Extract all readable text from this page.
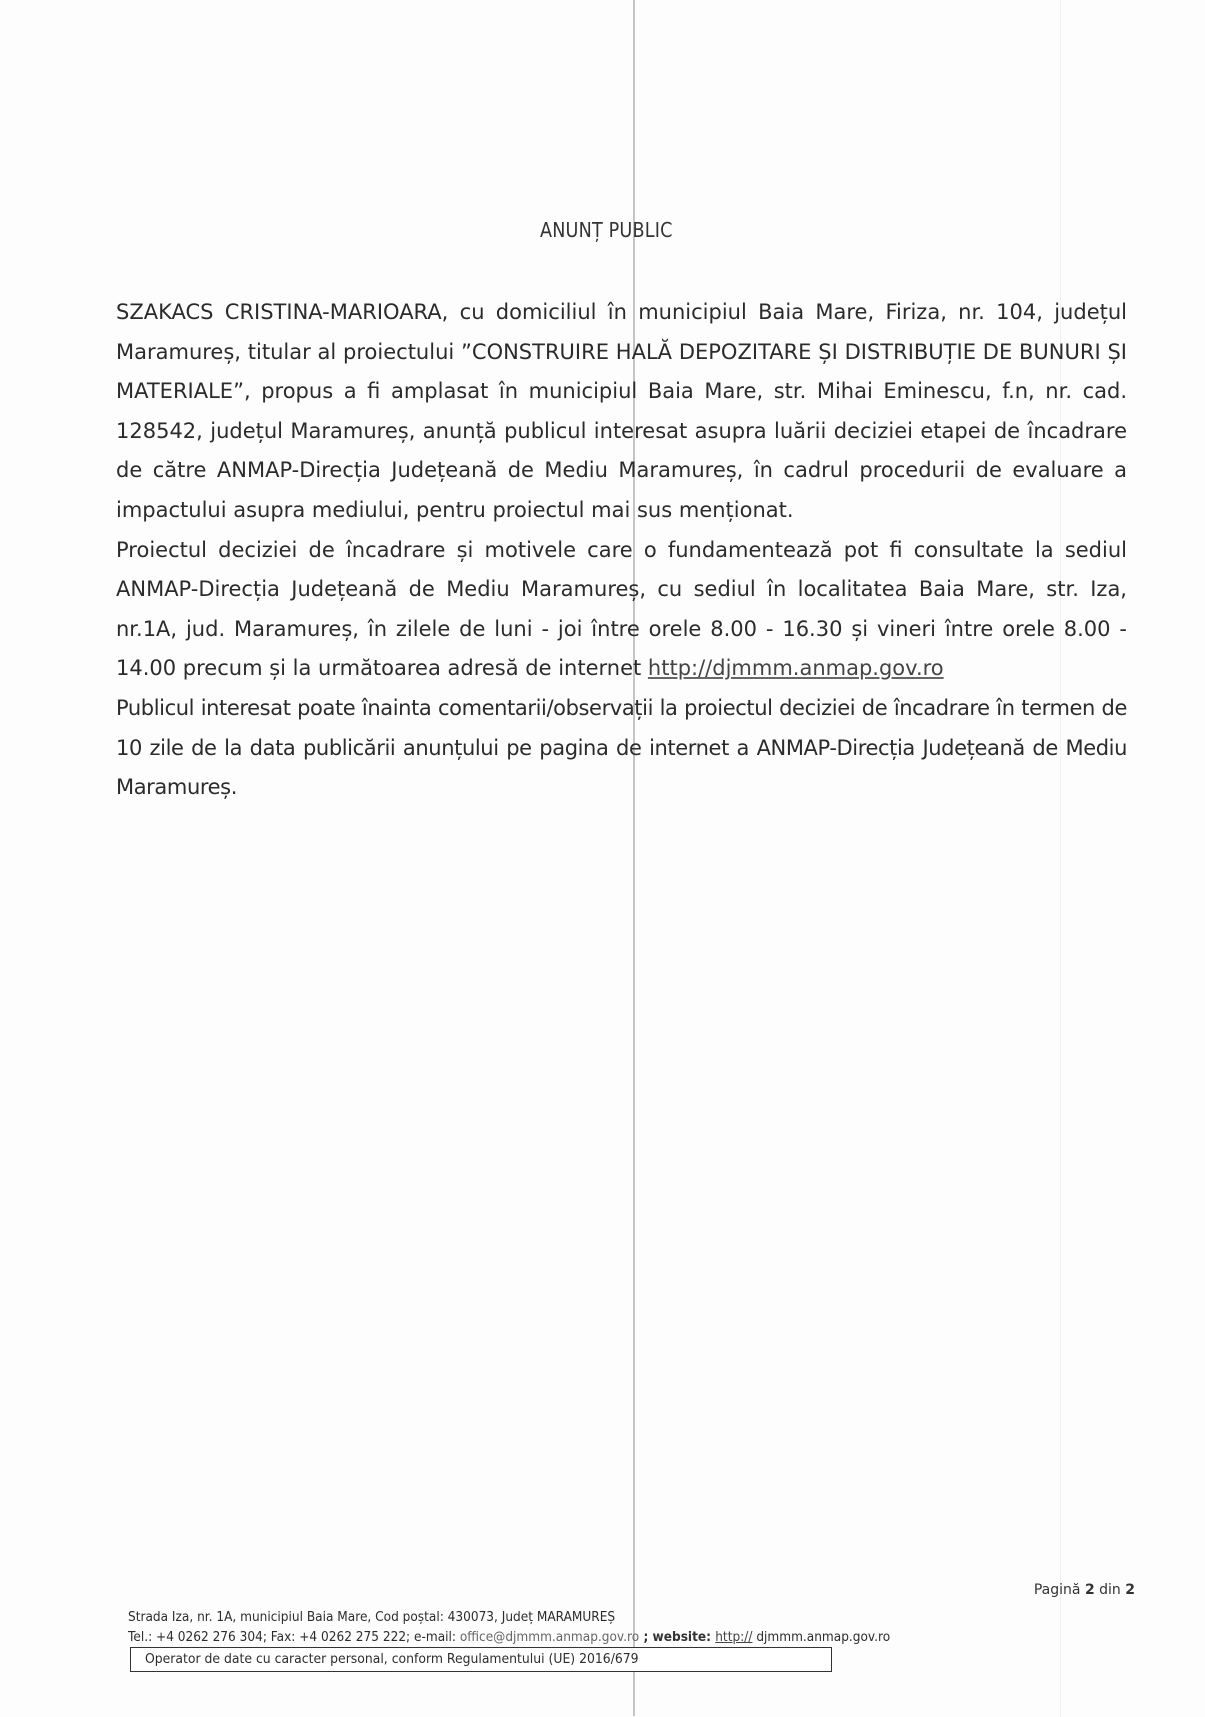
ANUNȚ PUBLIC

SZAKACS CRISTINA-MARIOARA, cu domiciliul în municipiul Baia Mare, Firiza, nr. 104, județul Maramureș, titular al proiectului ”CONSTRUIRE HALĂ DEPOZITARE ȘI DISTRIBUȚIE DE BUNURI ȘI MATERIALE”, propus a fi amplasat în municipiul Baia Mare, str. Mihai Eminescu, f.n, nr. cad. 128542, județul Maramureș, anunță publicul interesat asupra luării deciziei etapei de încadrare de către ANMAP-Direcția Județeană de Mediu Maramureș, în cadrul procedurii de evaluare a impactului asupra mediului, pentru proiectul mai sus menționat.

Proiectul deciziei de încadrare și motivele care o fundamentează pot fi consultate la sediul ANMAP-Direcția Județeană de Mediu Maramureș, cu sediul în localitatea Baia Mare, str. Iza, nr.1A, jud. Maramureș, în zilele de luni - joi între orele 8.00 - 16.30 și vineri între orele 8.00 - 14.00 precum și la următoarea adresă de internet http://djmmm.anmap.gov.ro

Publicul interesat poate înainta comentarii/observații la proiectul deciziei de încadrare în termen de 10 zile de la data publicării anunțului pe pagina de internet a ANMAP-Direcția Județeană de Mediu Maramureș.

Pagină 2 din 2
Strada Iza, nr. 1A, municipiul Baia Mare, Cod poștal: 430073, Județ MARAMUREȘ
Tel.: +4 0262 276 304; Fax: +4 0262 275 222; e-mail: office@djmmm.anmap.gov.ro ; website: http:// djmmm.anmap.gov.ro
Operator de date cu caracter personal, conform Regulamentului (UE) 2016/679
